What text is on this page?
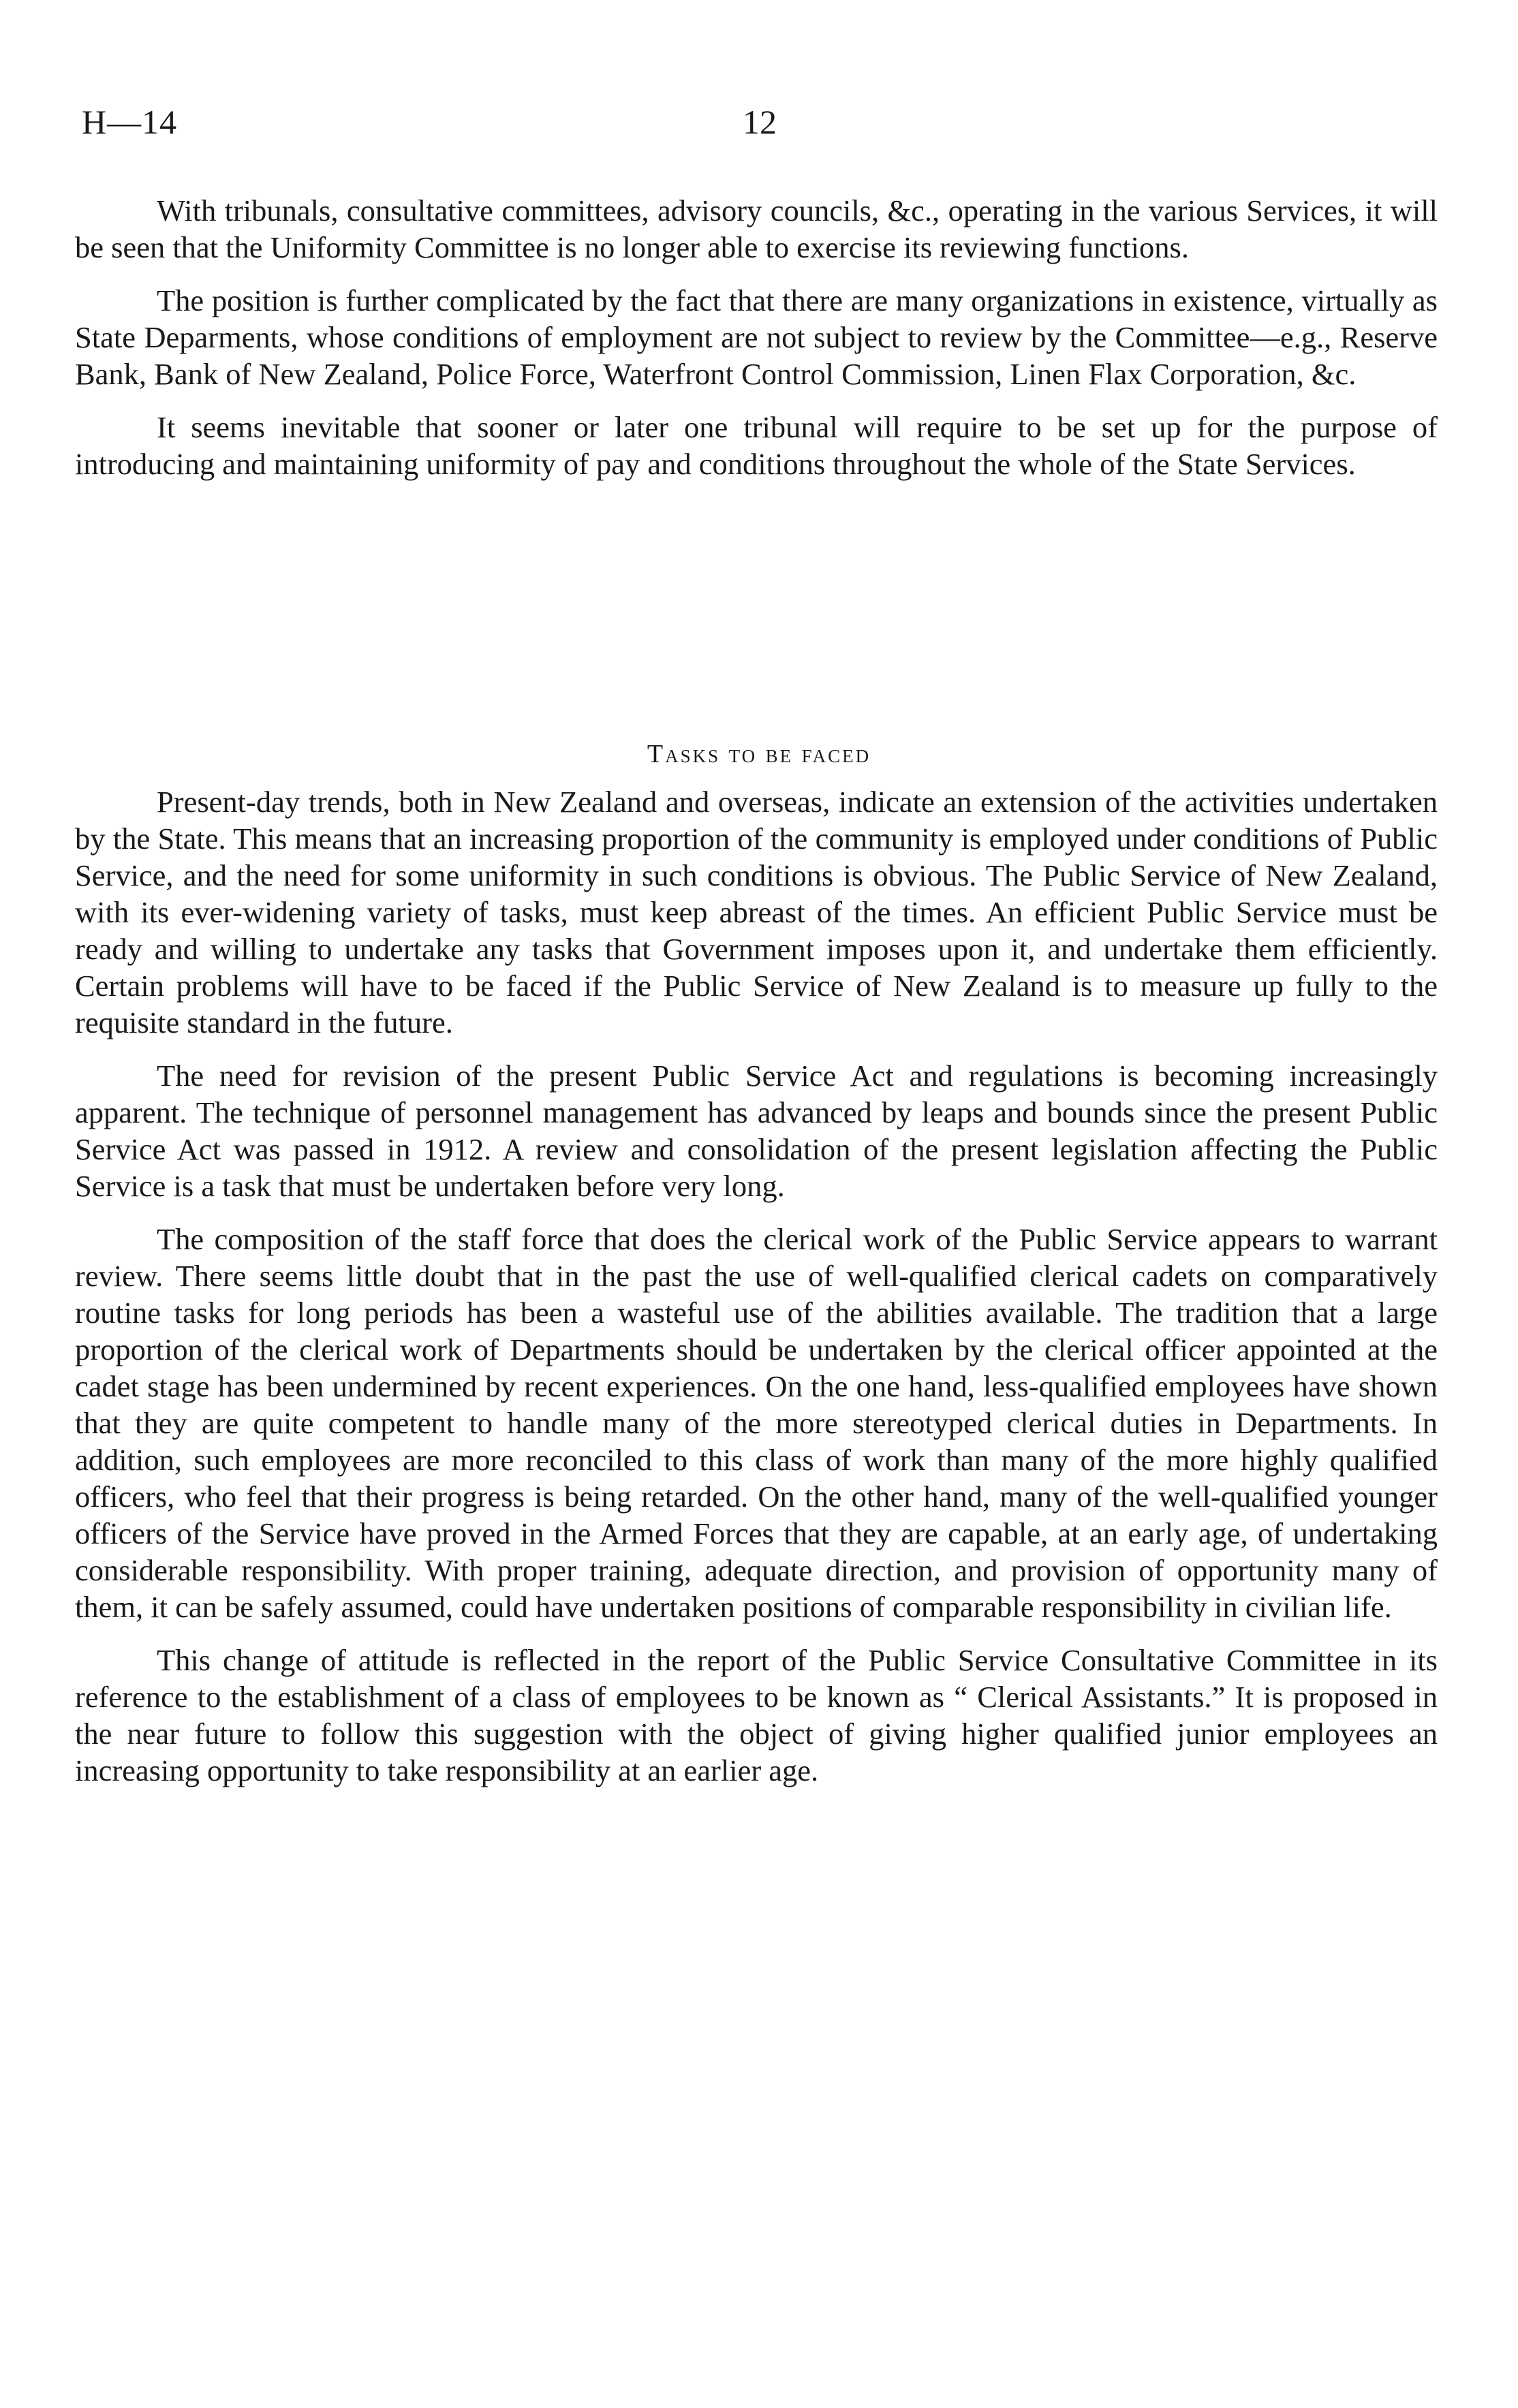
H—14	12

With tribunals, consultative committees, advisory councils, &c., operating in the various Services, it will be seen that the Uniformity Committee is no longer able to exercise its reviewing functions.

The position is further complicated by the fact that there are many organizations in existence, virtually as State Deparments, whose conditions of employment are not subject to review by the Committee—e.g., Reserve Bank, Bank of New Zealand, Police Force, Waterfront Control Commission, Linen Flax Corporation, &c.

It seems inevitable that sooner or later one tribunal will require to be set up for the purpose of introducing and maintaining uniformity of pay and conditions throughout the whole of the State Services.

Tasks to be faced

Present-day trends, both in New Zealand and overseas, indicate an extension of the activities undertaken by the State. This means that an increasing proportion of the community is employed under conditions of Public Service, and the need for some uniformity in such conditions is obvious. The Public Service of New Zealand, with its ever-widening variety of tasks, must keep abreast of the times. An efficient Public Service must be ready and willing to undertake any tasks that Government imposes upon it, and undertake them efficiently. Certain problems will have to be faced if the Public Service of New Zealand is to measure up fully to the requisite standard in the future.

The need for revision of the present Public Service Act and regulations is becoming increasingly apparent. The technique of personnel management has advanced by leaps and bounds since the present Public Service Act was passed in 1912. A review and consolidation of the present legislation affecting the Public Service is a task that must be undertaken before very long.

The composition of the staff force that does the clerical work of the Public Service appears to warrant review. There seems little doubt that in the past the use of well-qualified clerical cadets on comparatively routine tasks for long periods has been a wasteful use of the abilities available. The tradition that a large proportion of the clerical work of Departments should be undertaken by the clerical officer appointed at the cadet stage has been undermined by recent experiences. On the one hand, less-qualified employees have shown that they are quite competent to handle many of the more stereotyped clerical duties in Departments. In addition, such employees are more reconciled to this class of work than many of the more highly qualified officers, who feel that their progress is being retarded. On the other hand, many of the well-qualified younger officers of the Service have proved in the Armed Forces that they are capable, at an early age, of undertaking considerable responsibility. With proper training, adequate direction, and provision of opportunity many of them, it can be safely assumed, could have undertaken positions of comparable responsibility in civilian life.

This change of attitude is reflected in the report of the Public Service Consultative Committee in its reference to the establishment of a class of employees to be known as “ Clerical Assistants.” It is proposed in the near future to follow this suggestion with the object of giving higher qualified junior employees an increasing opportunity to take responsibility at an earlier age.
